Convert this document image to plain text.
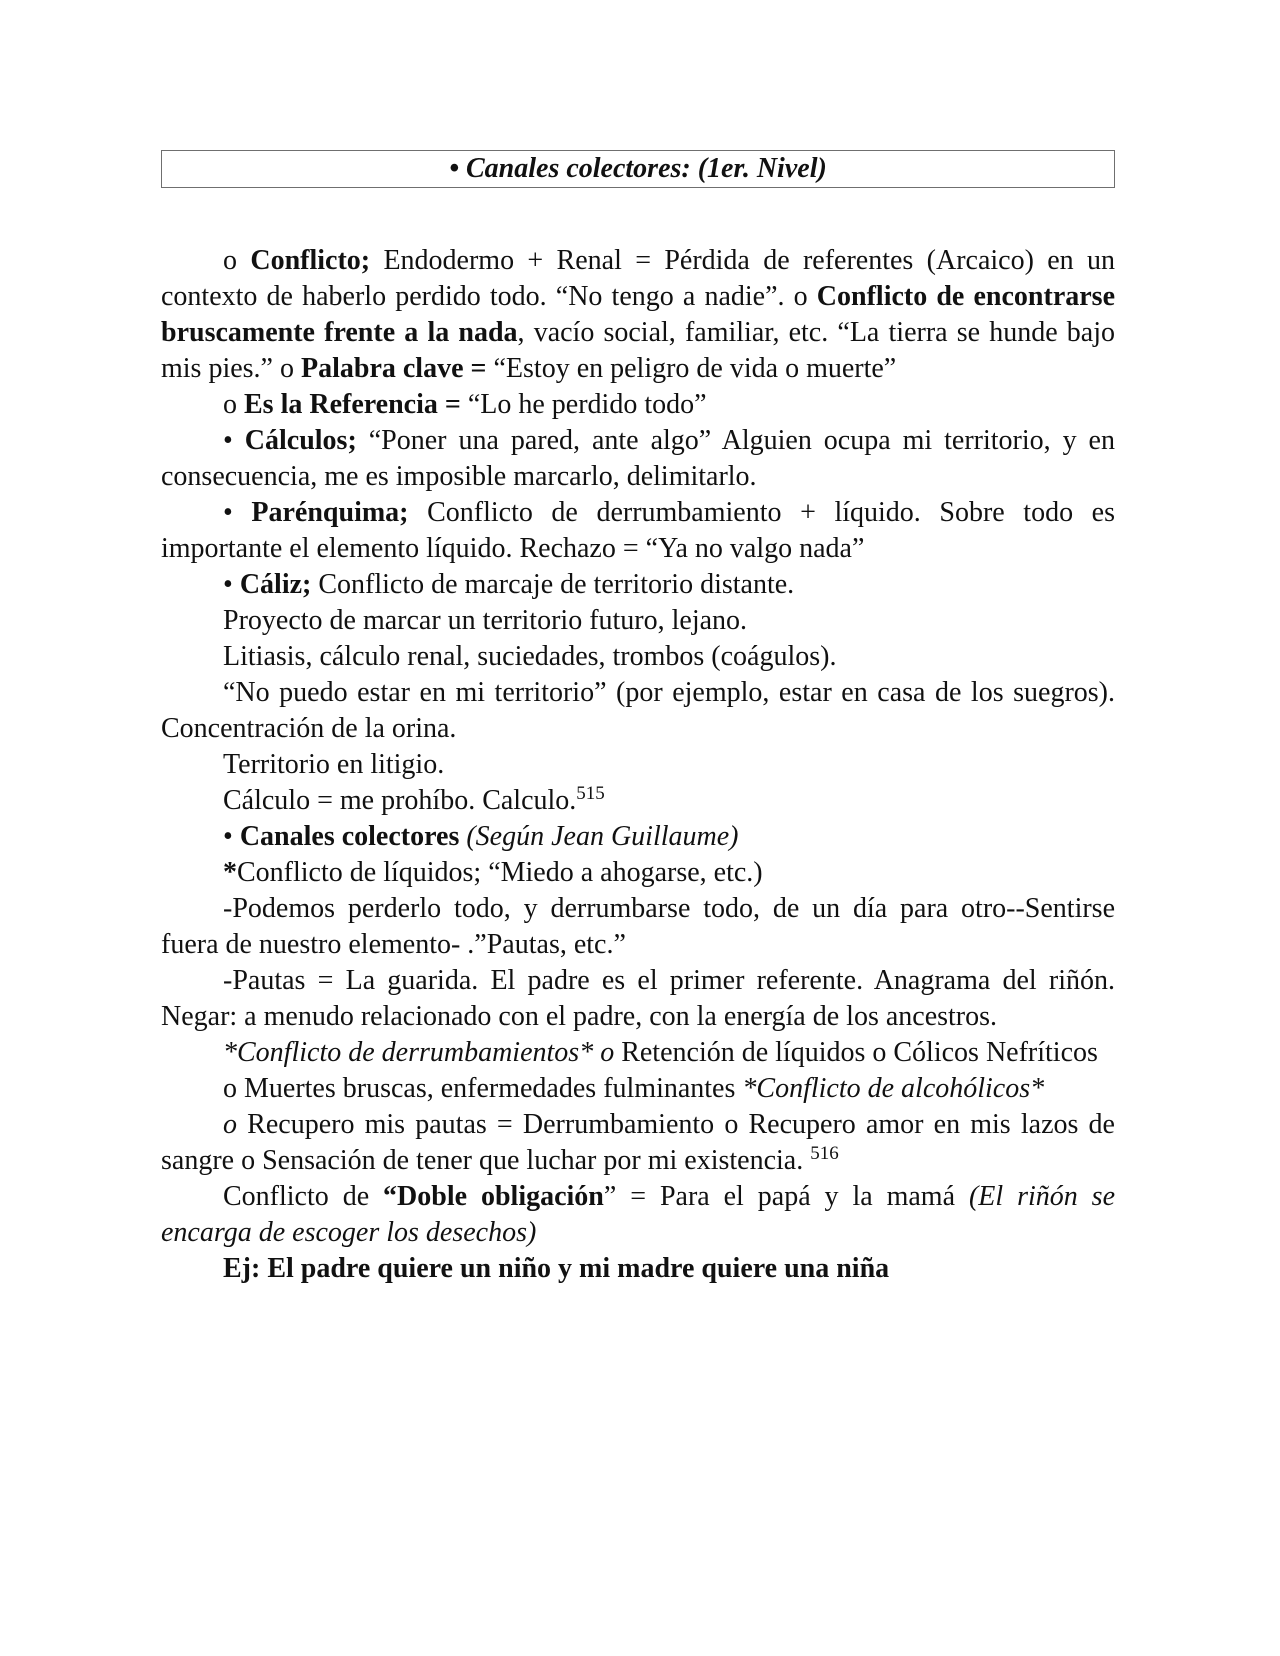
• Canales colectores: (1er. Nivel)

o Conflicto; Endodermo + Renal = Pérdida de referentes (Arcaico) en un contexto de haberlo perdido todo. “No tengo a nadie”. o Conflicto de encontrarse bruscamente frente a la nada, vacío social, familiar, etc. “La tierra se hunde bajo mis pies.” o Palabra clave = “Estoy en peligro de vida o muerte”

o Es la Referencia = “Lo he perdido todo”

• Cálculos; “Poner una pared, ante algo” Alguien ocupa mi territorio, y en consecuencia, me es imposible marcarlo, delimitarlo.

• Parénquima; Conflicto de derrumbamiento + líquido. Sobre todo es importante el elemento líquido. Rechazo = “Ya no valgo nada”

• Cáliz; Conflicto de marcaje de territorio distante.

Proyecto de marcar un territorio futuro, lejano.

Litiasis, cálculo renal, suciedades, trombos (coágulos).

“No puedo estar en mi territorio” (por ejemplo, estar en casa de los suegros). Concentración de la orina.

Territorio en litigio.

Cálculo = me prohíbo. Calculo.$^{515}$

• Canales colectores (Según Jean Guillaume)

*Conflicto de líquidos; “Miedo a ahogarse, etc.)

-Podemos perderlo todo, y derrumbarse todo, de un día para otro--Sentirse fuera de nuestro elemento- .”Pautas, etc.”

-Pautas = La guarida. El padre es el primer referente. Anagrama del riñón. Negar: a menudo relacionado con el padre, con la energía de los ancestros.

*Conflicto de derrumbamientos* o Retención de líquidos o Cólicos Nefríticos

o Muertes bruscas, enfermedades fulminantes *Conflicto de alcohólicos*

o Recupero mis pautas = Derrumbamiento o Recupero amor en mis lazos de sangre o Sensación de tener que luchar por mi existencia. $^{516}$

Conflicto de “Doble obligación” = Para el papá y la mamá (El riñón se encarga de escoger los desechos)

Ej: El padre quiere un niño y mi madre quiere una niña
